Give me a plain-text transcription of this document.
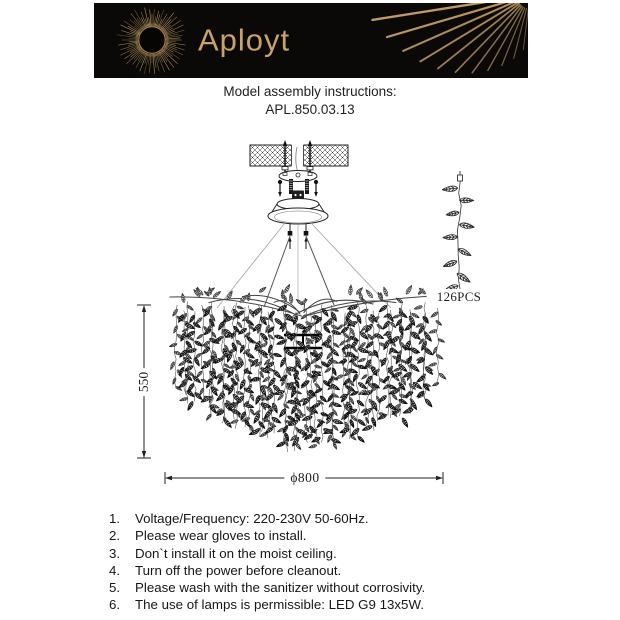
Aployt
Model assembly instructions:
APL.850.03.13
550
ϕ800
126PCS
1.	Voltage/Frequency: 220-230V 50-60Hz.
2.	Please wear gloves to install.
3.	Don`t install it on the moist ceiling.
4.	Turn off the power before cleanout.
5.	Please wash with the sanitizer without corrosivity.
6.	The use of lamps is permissible: LED G9 13x5W.
